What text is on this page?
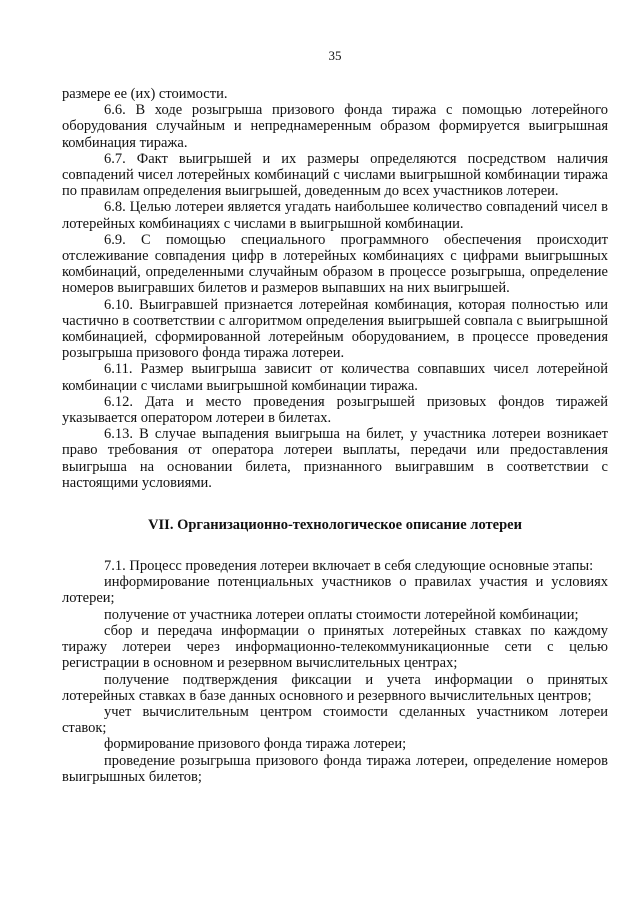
35

размере ее (их) стоимости.

6.6. В ходе розыгрыша призового фонда тиража с помощью лотерейного оборудования случайным и непреднамеренным образом формируется выигрышная комбинация тиража.

6.7. Факт выигрышей и их размеры определяются посредством наличия совпадений чисел лотерейных комбинаций с числами выигрышной комбинации тиража по правилам определения выигрышей, доведенным до всех участников лотереи.

6.8. Целью лотереи является угадать наибольшее количество совпадений чисел в лотерейных комбинациях с числами в выигрышной комбинации.

6.9. С помощью специального программного обеспечения происходит отслеживание совпадения цифр в лотерейных комбинациях с цифрами выигрышных комбинаций, определенными случайным образом в процессе розыгрыша, определение номеров выигравших билетов и размеров выпавших на них выигрышей.

6.10. Выигравшей признается лотерейная комбинация, которая полностью или частично в соответствии с алгоритмом определения выигрышей совпала с выигрышной комбинацией, сформированной лотерейным оборудованием, в процессе проведения розыгрыша призового фонда тиража лотереи.

6.11. Размер выигрыша зависит от количества совпавших чисел лотерейной комбинации с числами выигрышной комбинации тиража.

6.12. Дата и место проведения розыгрышей призовых фондов тиражей указывается оператором лотереи в билетах.

6.13. В случае выпадения выигрыша на билет, у участника лотереи возникает право требования от оператора лотереи выплаты, передачи или предоставления выигрыша на основании билета, признанного выигравшим в соответствии с настоящими условиями.

VII. Организационно-технологическое описание лотереи

7.1. Процесс проведения лотереи включает в себя следующие основные этапы:

информирование потенциальных участников о правилах участия и условиях лотереи;

получение от участника лотереи оплаты стоимости лотерейной комбинации;

сбор и передача информации о принятых лотерейных ставках по каждому тиражу лотереи через информационно-телекоммуникационные сети с целью регистрации в основном и резервном вычислительных центрах;

получение подтверждения фиксации и учета информации о принятых лотерейных ставках в базе данных основного и резервного вычислительных центров;

учет вычислительным центром стоимости сделанных участником лотереи ставок;

формирование призового фонда тиража лотереи;

проведение розыгрыша призового фонда тиража лотереи, определение номеров выигрышных билетов;
